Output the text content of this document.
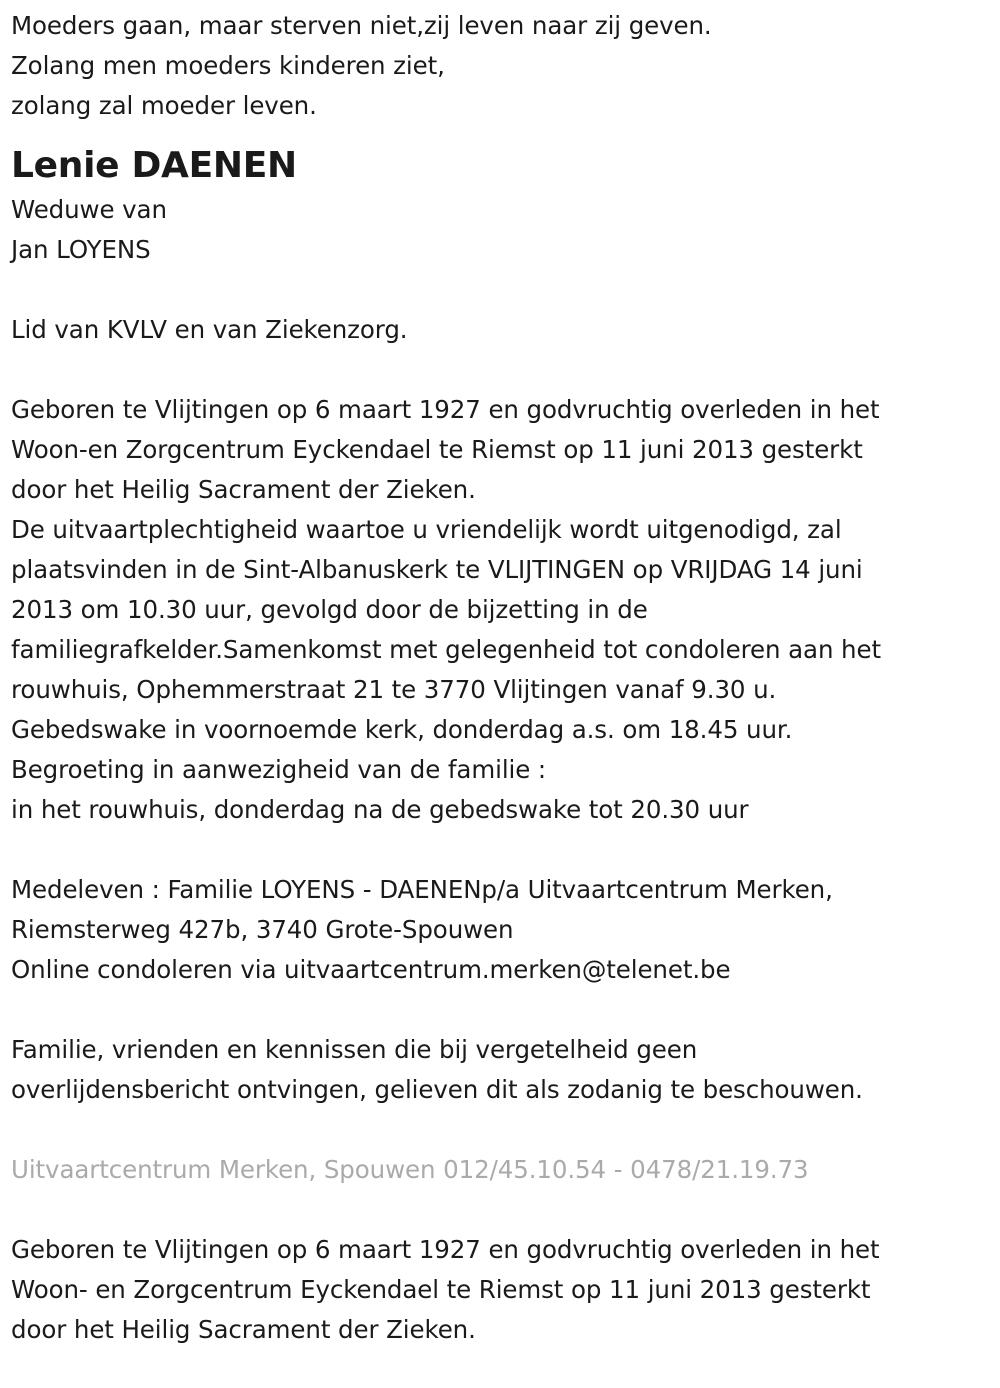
Moeders gaan, maar sterven niet,zij leven naar zij geven.
Zolang men moeders kinderen ziet,
zolang zal moeder leven.
Lenie DAENEN
Weduwe van
Jan LOYENS
Lid van KVLV en van Ziekenzorg.
Geboren te Vlijtingen op 6 maart 1927 en godvruchtig overleden in het
Woon-en Zorgcentrum Eyckendael te Riemst op 11 juni 2013 gesterkt
door het Heilig Sacrament der Zieken.
De uitvaartplechtigheid waartoe u vriendelijk wordt uitgenodigd, zal
plaatsvinden in de Sint-Albanuskerk te VLIJTINGEN op VRIJDAG 14 juni
2013 om 10.30 uur, gevolgd door de bijzetting in de
familiegrafkelder.Samenkomst met gelegenheid tot condoleren aan het
rouwhuis, Ophemmerstraat 21 te 3770 Vlijtingen vanaf 9.30 u.
Gebedswake in voornoemde kerk, donderdag a.s. om 18.45 uur.
Begroeting in aanwezigheid van de familie :
in het rouwhuis, donderdag na de gebedswake tot 20.30 uur
Medeleven : Familie LOYENS - DAENENp/a Uitvaartcentrum Merken,
Riemsterweg 427b, 3740 Grote-Spouwen
Online condoleren via uitvaartcentrum.merken@telenet.be
Familie, vrienden en kennissen die bij vergetelheid geen
overlijdensbericht ontvingen, gelieven dit als zodanig te beschouwen.
Uitvaartcentrum Merken, Spouwen 012/45.10.54 - 0478/21.19.73
Geboren te Vlijtingen op 6 maart 1927 en godvruchtig overleden in het
Woon- en Zorgcentrum Eyckendael te Riemst op 11 juni 2013 gesterkt
door het Heilig Sacrament der Zieken.
